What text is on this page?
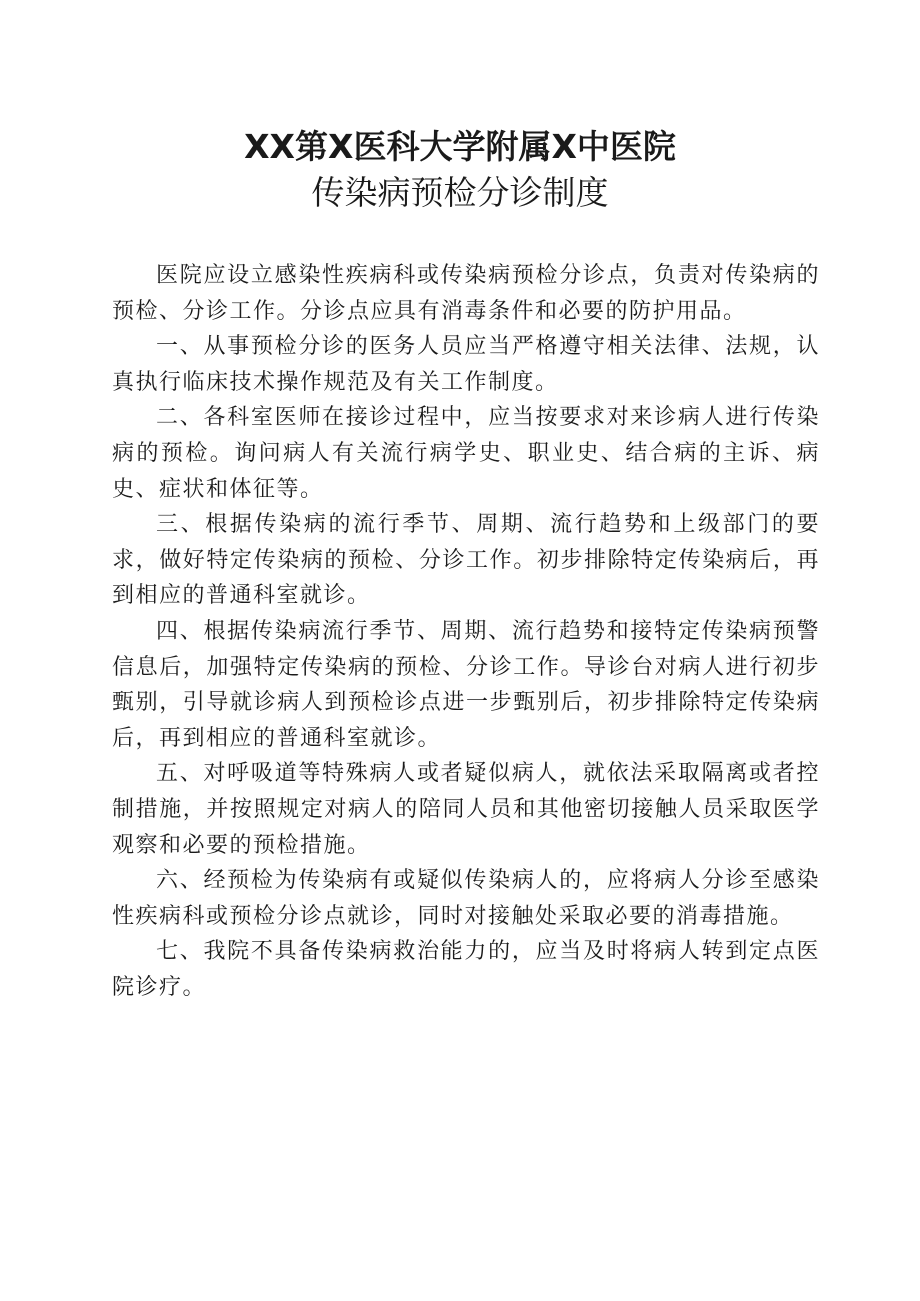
XX第X医科大学附属X中医院

传染病预检分诊制度

医院应设立感染性疾病科或传染病预检分诊点，负责对传染病的预检、分诊工作。分诊点应具有消毒条件和必要的防护用品。

一、从事预检分诊的医务人员应当严格遵守相关法律、法规，认真执行临床技术操作规范及有关工作制度。

二、各科室医师在接诊过程中，应当按要求对来诊病人进行传染病的预检。询问病人有关流行病学史、职业史、结合病的主诉、病史、症状和体征等。

三、根据传染病的流行季节、周期、流行趋势和上级部门的要求，做好特定传染病的预检、分诊工作。初步排除特定传染病后，再到相应的普通科室就诊。

四、根据传染病流行季节、周期、流行趋势和接特定传染病预警信息后，加强特定传染病的预检、分诊工作。导诊台对病人进行初步甄别，引导就诊病人到预检诊点进一步甄别后，初步排除特定传染病后，再到相应的普通科室就诊。

五、对呼吸道等特殊病人或者疑似病人，就依法采取隔离或者控制措施，并按照规定对病人的陪同人员和其他密切接触人员采取医学观察和必要的预检措施。

六、经预检为传染病有或疑似传染病人的，应将病人分诊至感染性疾病科或预检分诊点就诊，同时对接触处采取必要的消毒措施。

七、我院不具备传染病救治能力的，应当及时将病人转到定点医院诊疗。
